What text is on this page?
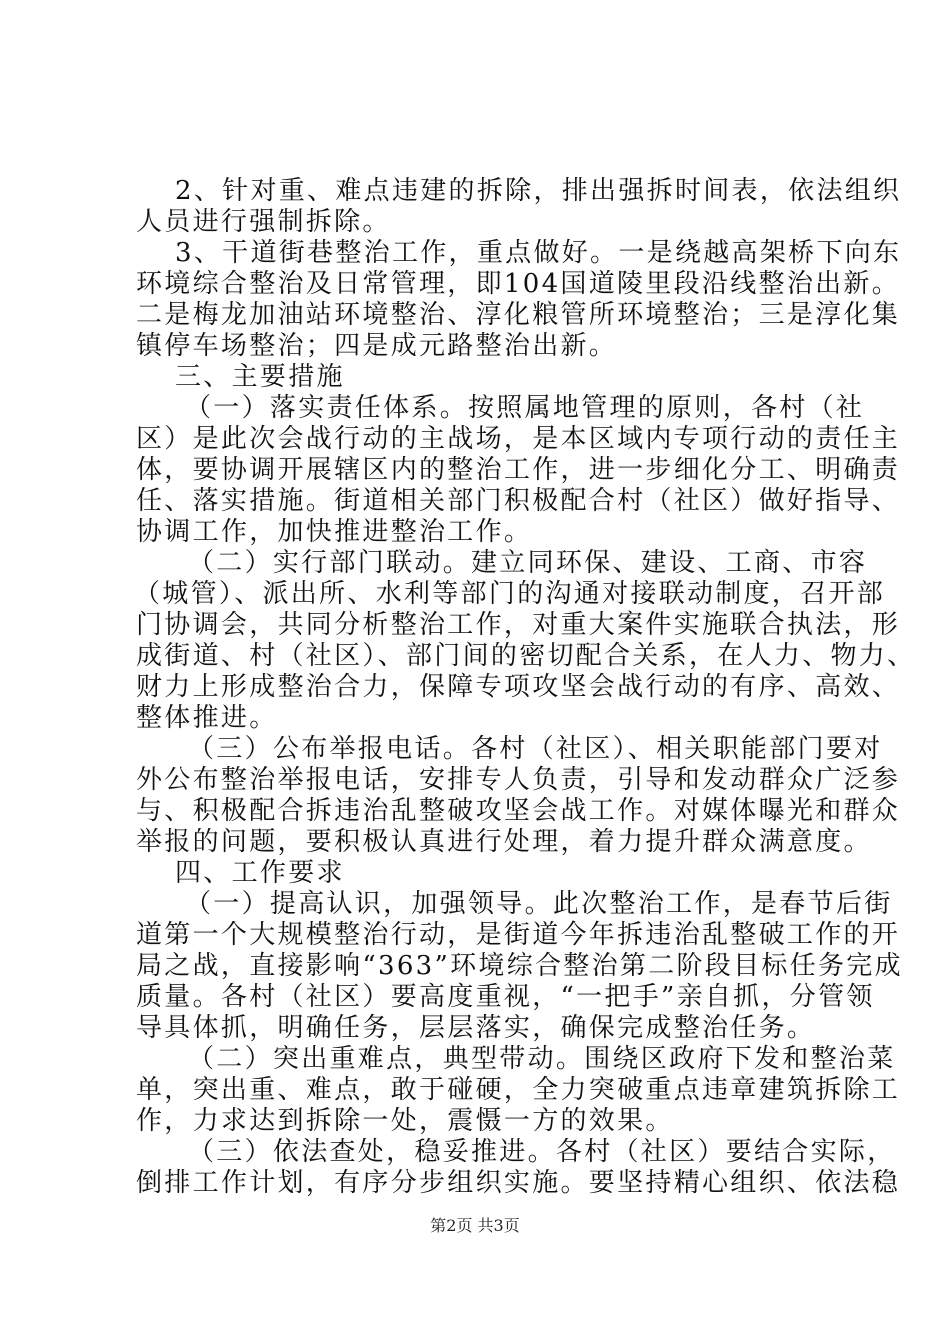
2、针对重、难点违建的拆除，排出强拆时间表，依法组织
人员进行强制拆除。
3、干道街巷整治工作，重点做好。一是绕越高架桥下向东
环境综合整治及日常管理，即104国道陵里段沿线整治出新。
二是梅龙加油站环境整治、淳化粮管所环境整治；三是淳化集
镇停车场整治；四是成元路整治出新。
三、主要措施
（一）落实责任体系。按照属地管理的原则，各村（社
区）是此次会战行动的主战场，是本区域内专项行动的责任主
体，要协调开展辖区内的整治工作，进一步细化分工、明确责
任、落实措施。街道相关部门积极配合村（社区）做好指导、
协调工作，加快推进整治工作。
（二）实行部门联动。建立同环保、建设、工商、市容
（城管）、派出所、水利等部门的沟通对接联动制度，召开部
门协调会，共同分析整治工作，对重大案件实施联合执法，形
成街道、村（社区）、部门间的密切配合关系，在人力、物力、
财力上形成整治合力，保障专项攻坚会战行动的有序、高效、
整体推进。
（三）公布举报电话。各村（社区）、相关职能部门要对
外公布整治举报电话，安排专人负责，引导和发动群众广泛参
与、积极配合拆违治乱整破攻坚会战工作。对媒体曝光和群众
举报的问题，要积极认真进行处理，着力提升群众满意度。
四、工作要求
（一）提高认识，加强领导。此次整治工作，是春节后街
道第一个大规模整治行动，是街道今年拆违治乱整破工作的开
局之战，直接影响“363”环境综合整治第二阶段目标任务完成
质量。各村（社区）要高度重视，“一把手”亲自抓，分管领
导具体抓，明确任务，层层落实，确保完成整治任务。
（二）突出重难点，典型带动。围绕区政府下发和整治菜
单，突出重、难点，敢于碰硬，全力突破重点违章建筑拆除工
作，力求达到拆除一处，震慑一方的效果。
（三）依法查处，稳妥推进。各村（社区）要结合实际，
倒排工作计划，有序分步组织实施。要坚持精心组织、依法稳
第2页 共3页
